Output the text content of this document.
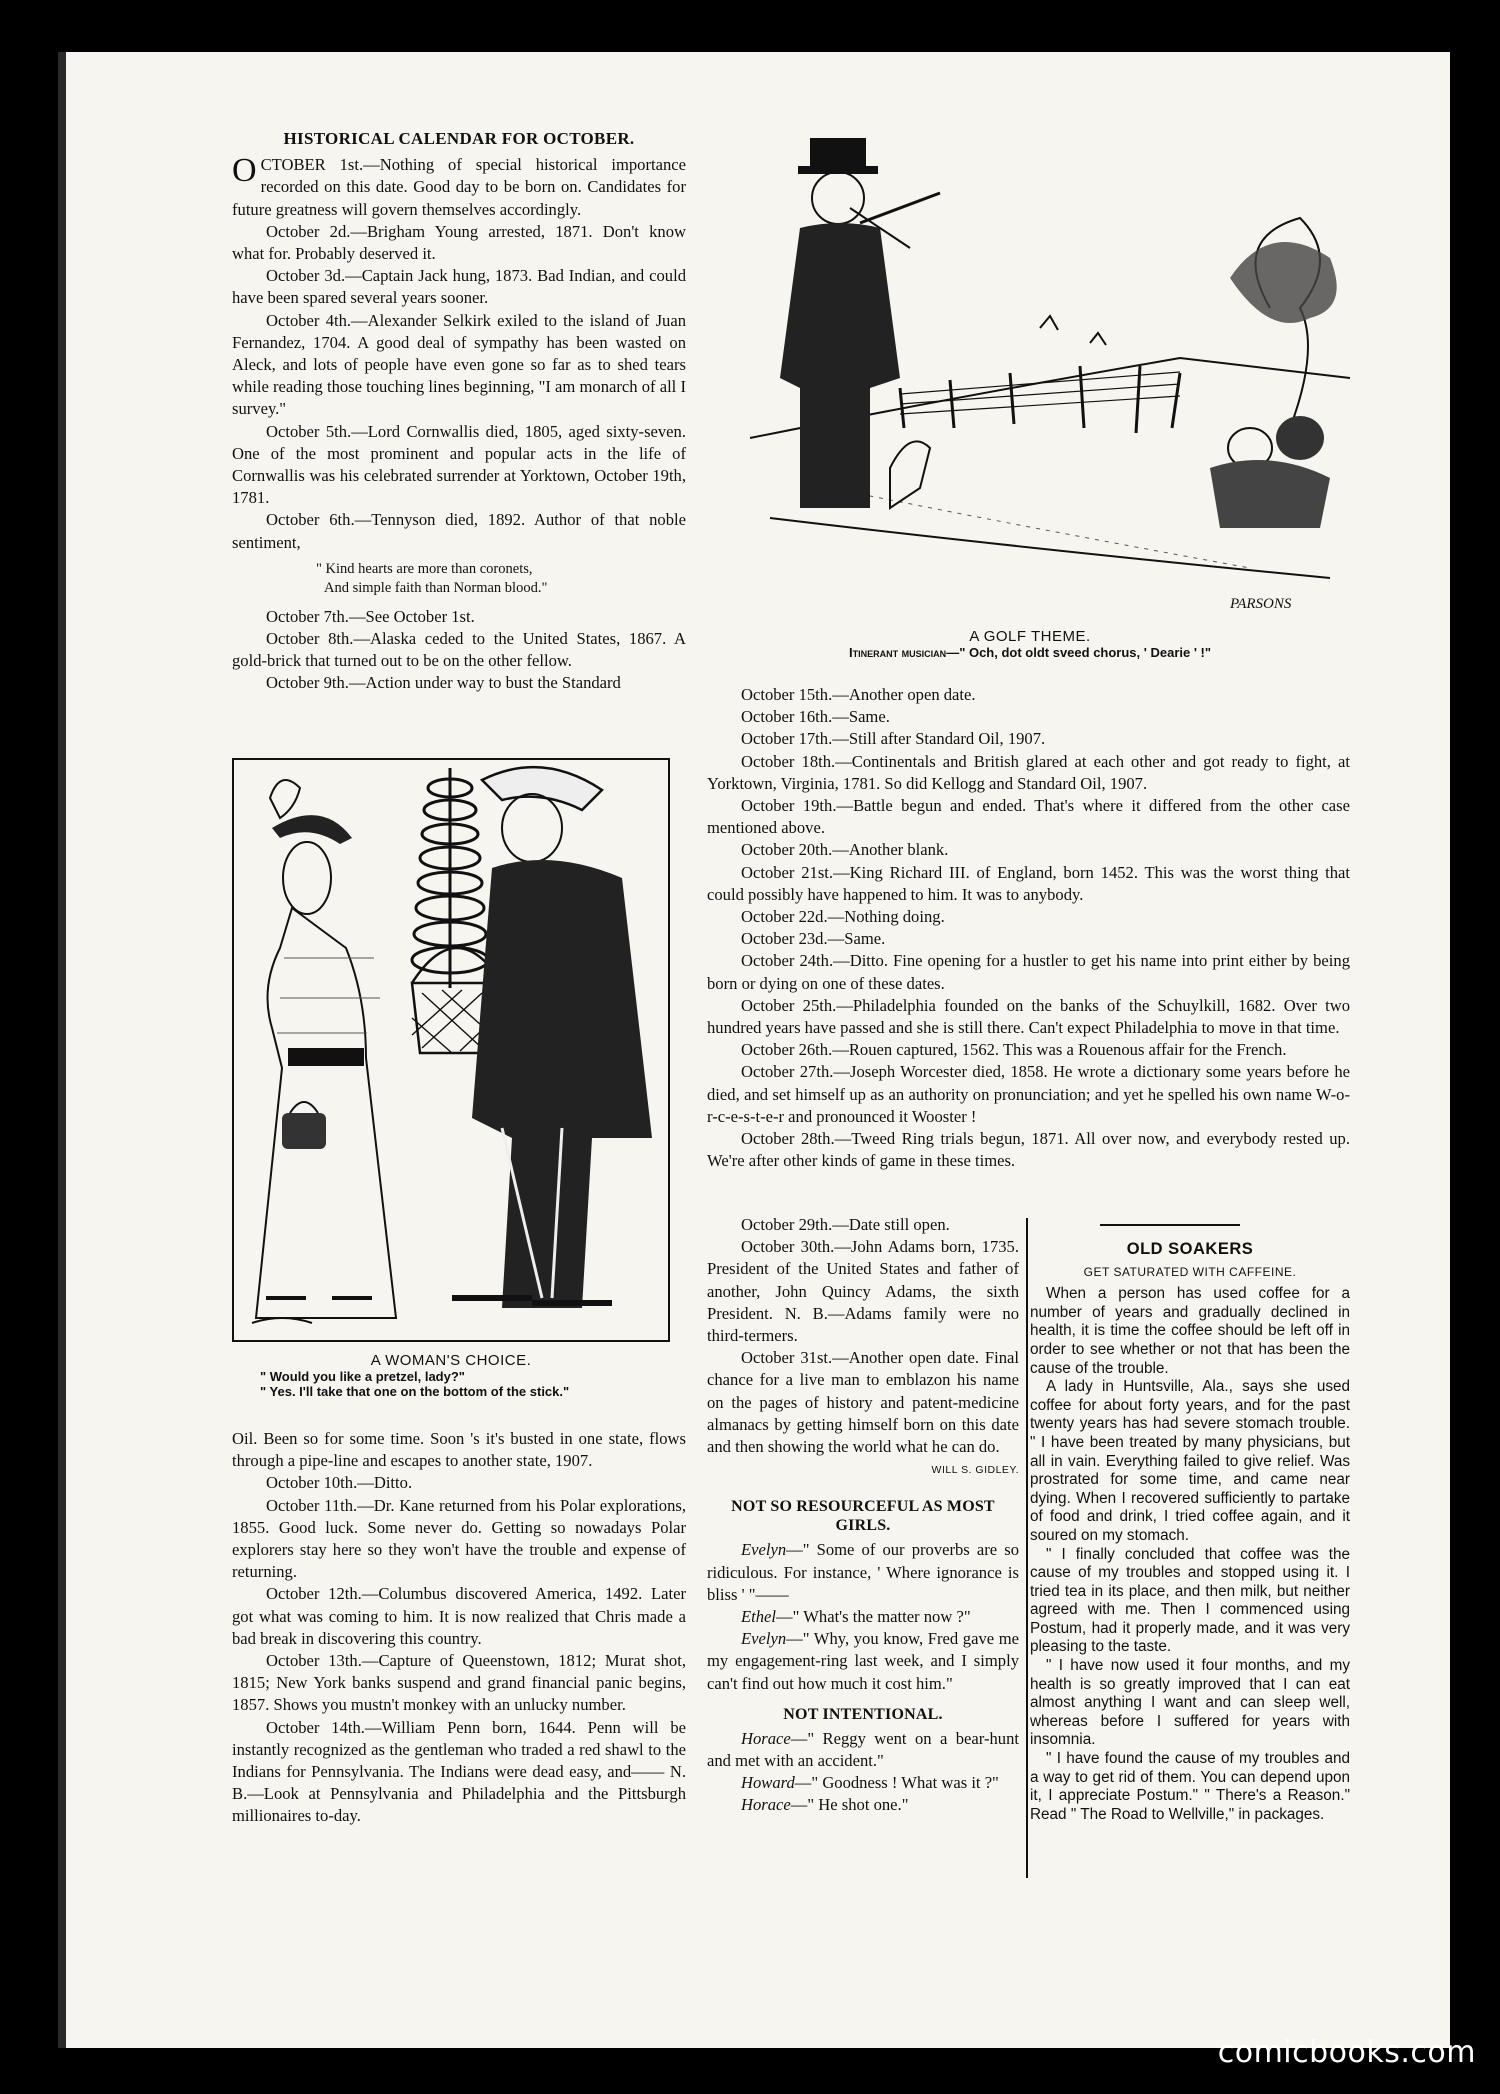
HISTORICAL CALENDAR FOR OCTOBER.

OCTOBER 1st.—Nothing of special historical importance recorded on this date. Good day to be born on. Candidates for future greatness will govern themselves accordingly.

October 2d.—Brigham Young arrested, 1871. Don't know what for. Probably deserved it.

October 3d.—Captain Jack hung, 1873. Bad Indian, and could have been spared several years sooner.

October 4th.—Alexander Selkirk exiled to the island of Juan Fernandez, 1704. A good deal of sympathy has been wasted on Aleck, and lots of people have even gone so far as to shed tears while reading those touching lines beginning, "I am monarch of all I survey."

October 5th.—Lord Cornwallis died, 1805, aged sixty-seven. One of the most prominent and popular acts in the life of Cornwallis was his celebrated surrender at Yorktown, October 19th, 1781.

October 6th.—Tennyson died, 1892. Author of that noble sentiment,

" Kind hearts are more than coronets,
And simple faith than Norman blood."

October 7th.—See October 1st.

October 8th.—Alaska ceded to the United States, 1867. A gold-brick that turned out to be on the other fellow.

October 9th.—Action under way to bust the Standard

A WOMAN'S CHOICE.
" Would you like a pretzel, lady?"
" Yes. I'll take that one on the bottom of the stick."

Oil. Been so for some time. Soon 's it's busted in one state, flows through a pipe-line and escapes to another state, 1907.

October 10th.—Ditto.

October 11th.—Dr. Kane returned from his Polar explorations, 1855. Good luck. Some never do. Getting so nowadays Polar explorers stay here so they won't have the trouble and expense of returning.

October 12th.—Columbus discovered America, 1492. Later got what was coming to him. It is now realized that Chris made a bad break in discovering this country.

October 13th.—Capture of Queenstown, 1812; Murat shot, 1815; New York banks suspend and grand financial panic begins, 1857. Shows you mustn't monkey with an unlucky number.

October 14th.—William Penn born, 1644. Penn will be instantly recognized as the gentleman who traded a red shawl to the Indians for Pennsylvania. The Indians were dead easy, and—— N. B.—Look at Pennsylvania and Philadelphia and the Pittsburgh millionaires to-day.

PARSONS
A GOLF THEME.
Itinerant musician—" Och, dot oldt sveed chorus, ' Dearie ' !"

October 15th.—Another open date.

October 16th.—Same.

October 17th.—Still after Standard Oil, 1907.

October 18th.—Continentals and British glared at each other and got ready to fight, at Yorktown, Virginia, 1781. So did Kellogg and Standard Oil, 1907.

October 19th.—Battle begun and ended. That's where it differed from the other case mentioned above.

October 20th.—Another blank.

October 21st.—King Richard III. of England, born 1452. This was the worst thing that could possibly have happened to him. It was to anybody.

October 22d.—Nothing doing.

October 23d.—Same.

October 24th.—Ditto. Fine opening for a hustler to get his name into print either by being born or dying on one of these dates.

October 25th.—Philadelphia founded on the banks of the Schuylkill, 1682. Over two hundred years have passed and she is still there. Can't expect Philadelphia to move in that time.

October 26th.—Rouen captured, 1562. This was a Rouenous affair for the French.

October 27th.—Joseph Worcester died, 1858. He wrote a dictionary some years before he died, and set himself up as an authority on pronunciation; and yet he spelled his own name W-o-r-c-e-s-t-e-r and pronounced it Wooster !

October 28th.—Tweed Ring trials begun, 1871. All over now, and everybody rested up. We're after other kinds of game in these times.

October 29th.—Date still open.

October 30th.—John Adams born, 1735. President of the United States and father of another, John Quincy Adams, the sixth President. N. B.—Adams family were no third-termers.

October 31st.—Another open date. Final chance for a live man to emblazon his name on the pages of history and patent-medicine almanacs by getting himself born on this date and then showing the world what he can do.

WILL S. GIDLEY.
NOT SO RESOURCEFUL AS MOST GIRLS.

Evelyn—" Some of our proverbs are so ridiculous. For instance, ' Where ignorance is bliss ' "——

Ethel—" What's the matter now ?"

Evelyn—" Why, you know, Fred gave me my engagement-ring last week, and I simply can't find out how much it cost him."

NOT INTENTIONAL.

Horace—" Reggy went on a bear-hunt and met with an accident."

Howard—" Goodness ! What was it ?"

Horace—" He shot one."

OLD SOAKERS
GET SATURATED WITH CAFFEINE.

When a person has used coffee for a number of years and gradually declined in health, it is time the coffee should be left off in order to see whether or not that has been the cause of the trouble.

A lady in Huntsville, Ala., says she used coffee for about forty years, and for the past twenty years has had severe stomach trouble. " I have been treated by many physicians, but all in vain. Everything failed to give relief. Was prostrated for some time, and came near dying. When I recovered sufficiently to partake of food and drink, I tried coffee again, and it soured on my stomach.

" I finally concluded that coffee was the cause of my troubles and stopped using it. I tried tea in its place, and then milk, but neither agreed with me. Then I commenced using Postum, had it properly made, and it was very pleasing to the taste.

" I have now used it four months, and my health is so greatly improved that I can eat almost anything I want and can sleep well, whereas before I suffered for years with insomnia.

" I have found the cause of my troubles and a way to get rid of them. You can depend upon it, I appreciate Postum." " There's a Reason." Read " The Road to Wellville," in packages.

comicbooks.com
